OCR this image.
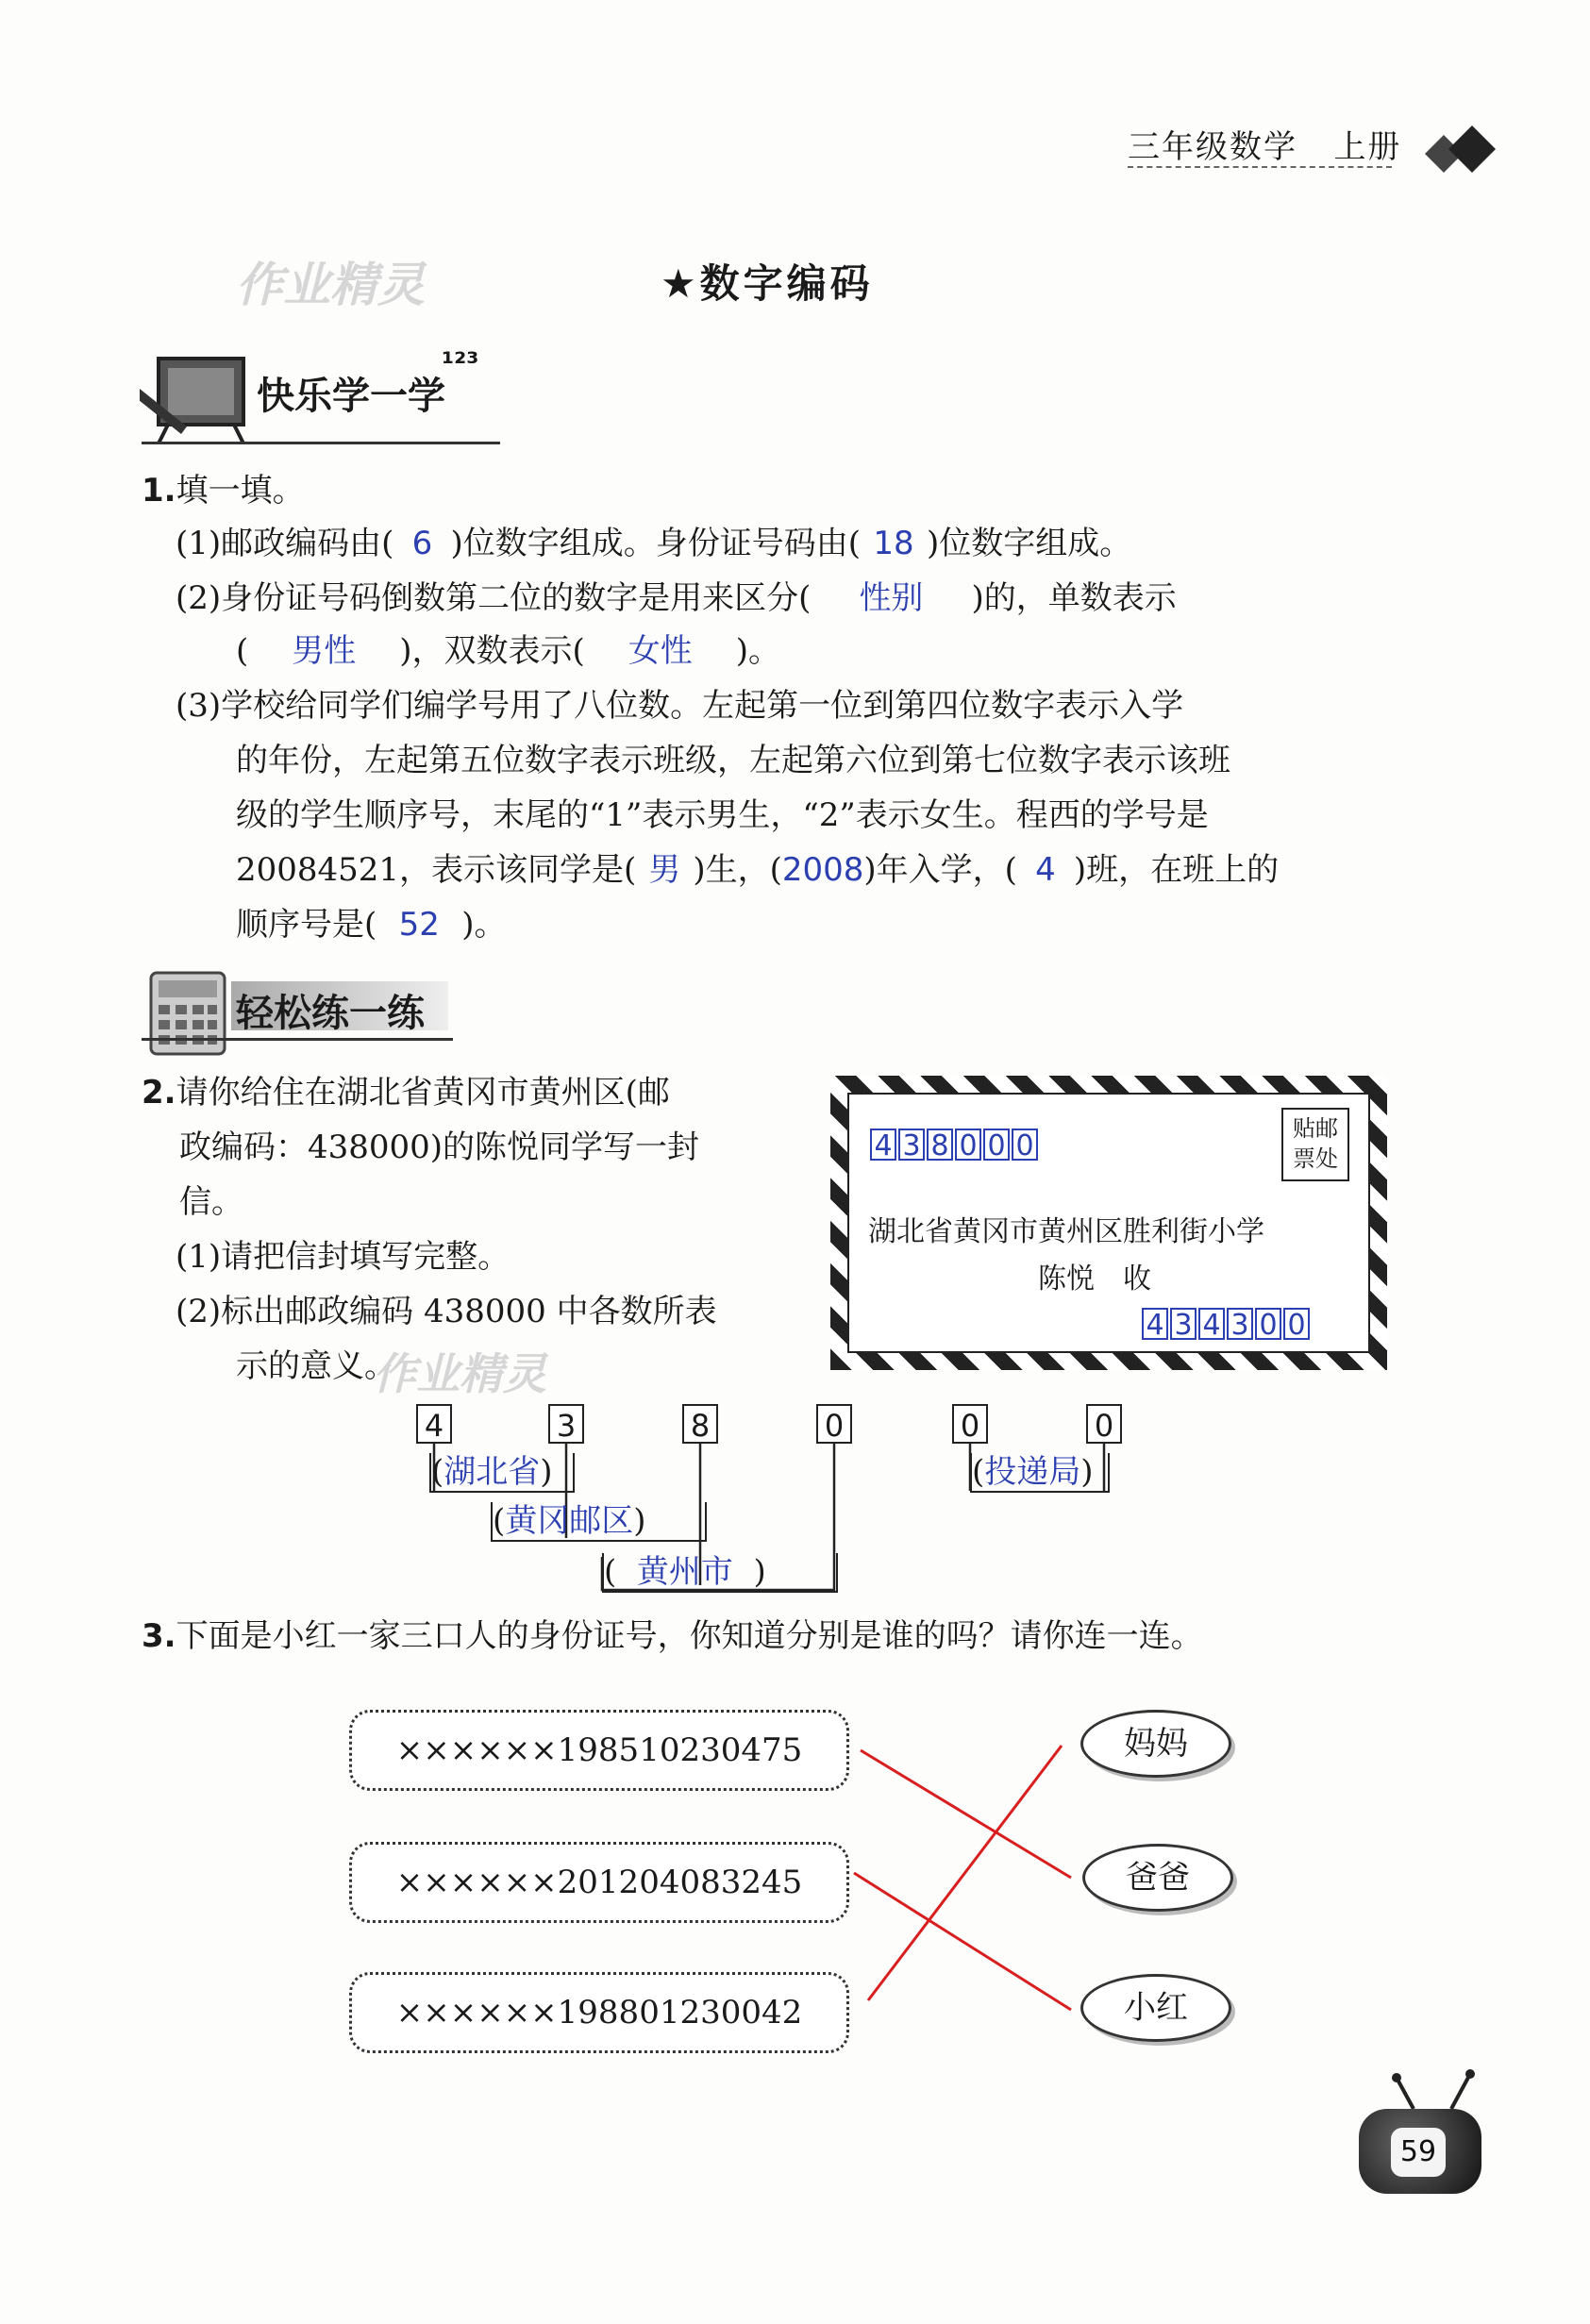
三年级数学 上册
作业精灵	★数字编码
快乐学一学
¹²³
1.填一填。
(1)邮政编码由( 6 )位数字组成。身份证号码由( 18 )位数字组成。
(2)身份证号码倒数第二位的数字是用来区分( 性别 )的，单数表示
( 男性 )，双数表示( 女性 )。
(3)学校给同学们编学号用了八位数。左起第一位到第四位数字表示入学
的年份，左起第五位数字表示班级，左起第六位到第七位数字表示该班
级的学生顺序号，末尾的“1”表示男生，“2”表示女生。程西的学号是
20084521，表示该同学是( 男 )生，(2008)年入学，( 4 )班，在班上的
顺序号是( 52 )。
轻松练一练
2.请你给住在湖北省黄冈市黄州区(邮
政编码：438000)的陈悦同学写一封
信。
(1)请把信封填写完整。
(2)标出邮政编码 438000 中各数所表
示的意义。
作业精灵
4 3 8 0 0 0
贴邮
票处
湖北省黄冈市黄州区胜利街小学
陈悦　收
4 3 4 3 0 0
4	3	8	0	0	0
(湖北省)
(黄冈邮区)
( 黄州市 )
(投递局)
3.下面是小红一家三口人的身份证号，你知道分别是谁的吗？请你连一连。
××××××198510230475
××××××201204083245
××××××198801230042
妈妈
爸爸
小红
59
